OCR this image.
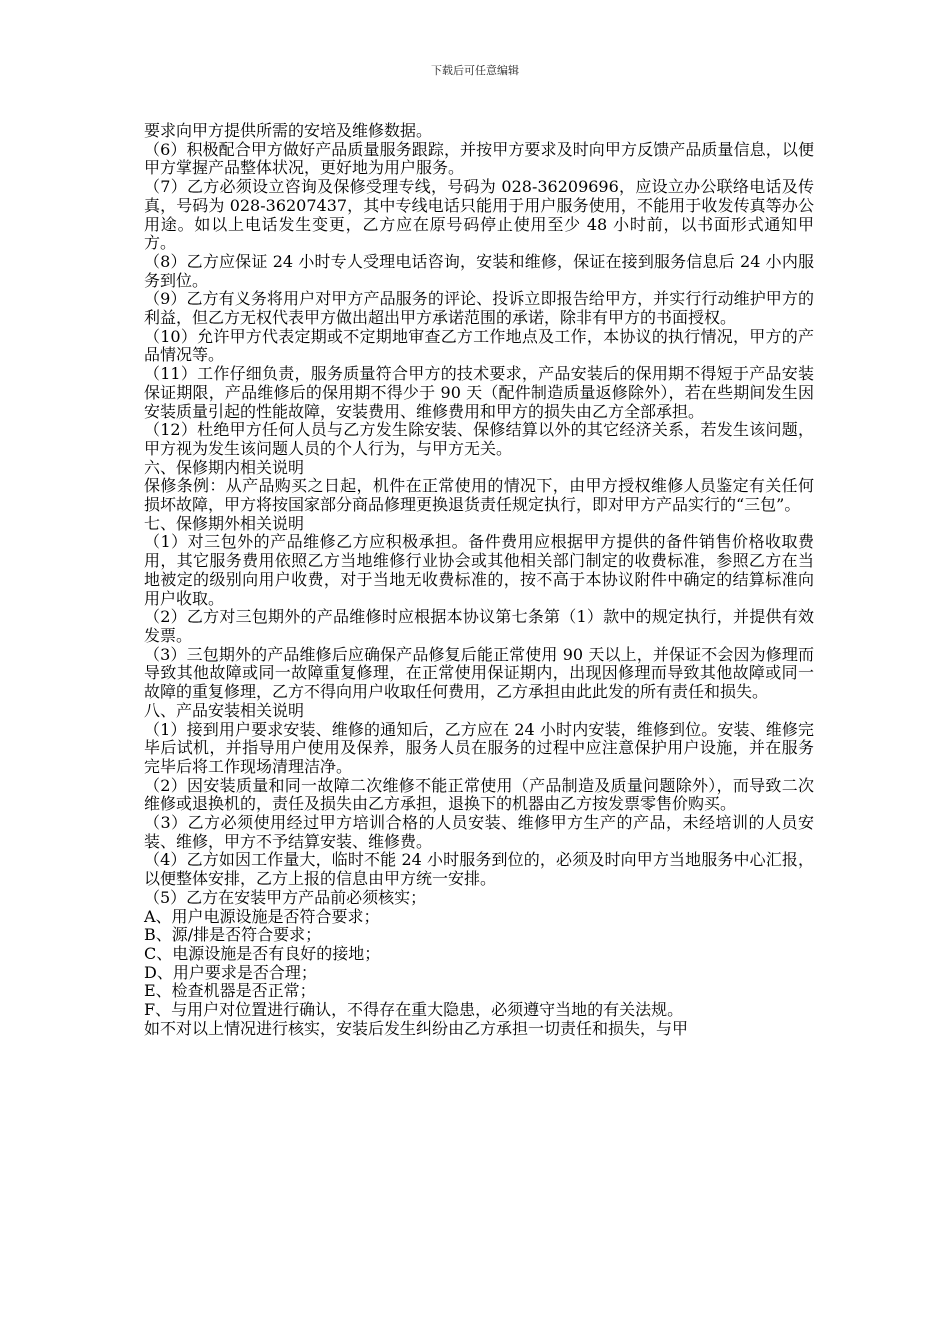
下载后可任意编辑

要求向甲方提供所需的安培及维修数据。

（6）积极配合甲方做好产品质量服务跟踪，并按甲方要求及时向甲方反馈产品质量信息，以便甲方掌握产品整体状况，更好地为用户服务。

（7）乙方必须设立咨询及保修受理专线，号码为 028-36209696，应设立办公联络电话及传真，号码为 028-36207437，其中专线电话只能用于用户服务使用，不能用于收发传真等办公用途。如以上电话发生变更，乙方应在原号码停止使用至少 48 小时前，以书面形式通知甲方。

（8）乙方应保证 24 小时专人受理电话咨询，安装和维修，保证在接到服务信息后 24 小内服务到位。

（9）乙方有义务将用户对甲方产品服务的评论、投诉立即报告给甲方，并实行行动维护甲方的利益，但乙方无权代表甲方做出超出甲方承诺范围的承诺，除非有甲方的书面授权。

（10）允许甲方代表定期或不定期地审查乙方工作地点及工作，本协议的执行情况，甲方的产品情况等。

（11）工作仔细负责，服务质量符合甲方的技术要求，产品安装后的保用期不得短于产品安装保证期限，产品维修后的保用期不得少于 90 天（配件制造质量返修除外），若在些期间发生因安装质量引起的性能故障，安装费用、维修费用和甲方的损失由乙方全部承担。

（12）杜绝甲方任何人员与乙方发生除安装、保修结算以外的其它经济关系，若发生该问题，甲方视为发生该问题人员的个人行为，与甲方无关。

六、保修期内相关说明

保修条例：从产品购买之日起，机件在正常使用的情况下，由甲方授权维修人员鉴定有关任何损坏故障，甲方将按国家部分商品修理更换退货责任规定执行，即对甲方产品实行的“三包”。

七、保修期外相关说明

（1）对三包外的产品维修乙方应积极承担。备件费用应根据甲方提供的备件销售价格收取费用，其它服务费用依照乙方当地维修行业协会或其他相关部门制定的收费标准，参照乙方在当地被定的级别向用户收费，对于当地无收费标准的，按不高于本协议附件中确定的结算标准向用户收取。

（2）乙方对三包期外的产品维修时应根据本协议第七条第（1）款中的规定执行，并提供有效发票。

（3）三包期外的产品维修后应确保产品修复后能正常使用 90 天以上，并保证不会因为修理而导致其他故障或同一故障重复修理，在正常使用保证期内，出现因修理而导致其他故障或同一故障的重复修理，乙方不得向用户收取任何费用，乙方承担由此此发的所有责任和损失。

八、产品安装相关说明

（1）接到用户要求安装、维修的通知后，乙方应在 24 小时内安装，维修到位。安装、维修完毕后试机，并指导用户使用及保养，服务人员在服务的过程中应注意保护用户设施，并在服务完毕后将工作现场清理洁净。

（2）因安装质量和同一故障二次维修不能正常使用（产品制造及质量问题除外），而导致二次维修或退换机的，责任及损失由乙方承担，退换下的机器由乙方按发票零售价购买。

（3）乙方必须使用经过甲方培训合格的人员安装、维修甲方生产的产品，未经培训的人员安装、维修，甲方不予结算安装、维修费。

（4）乙方如因工作量大，临时不能 24 小时服务到位的，必须及时向甲方当地服务中心汇报，以便整体安排，乙方上报的信息由甲方统一安排。

（5）乙方在安装甲方产品前必须核实；

A、用户电源设施是否符合要求；

B、源/排是否符合要求；

C、电源设施是否有良好的接地；

D、用户要求是否合理；

E、检查机器是否正常；

F、与用户对位置进行确认，不得存在重大隐患，必须遵守当地的有关法规。

如不对以上情况进行核实，安装后发生纠纷由乙方承担一切责任和损失，与甲
